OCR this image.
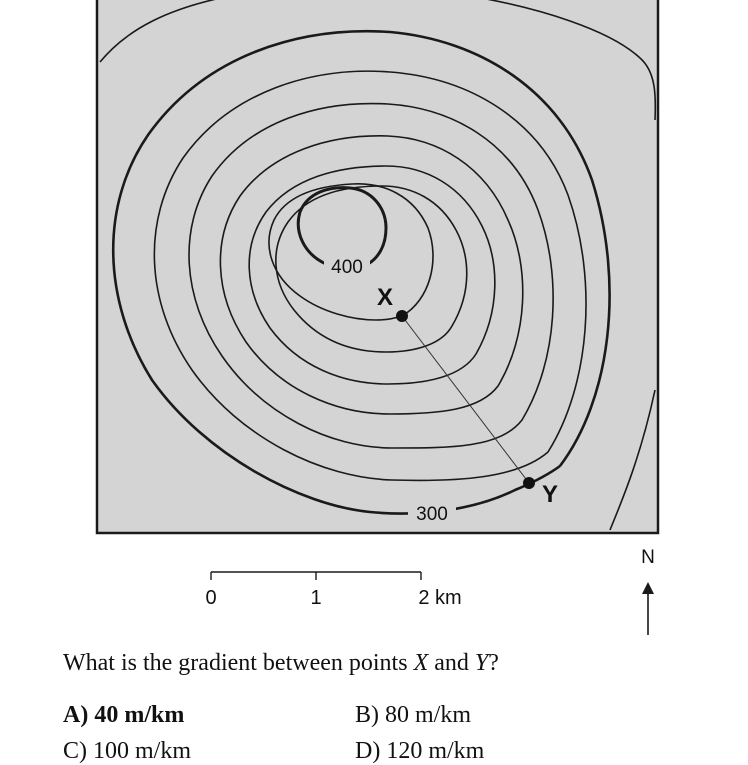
400
300
X
Y
0	1	2 km
N
What is the gradient between points X and Y?
A) 40 m/km	B) 80 m/km
C) 100 m/km	D) 120 m/km
